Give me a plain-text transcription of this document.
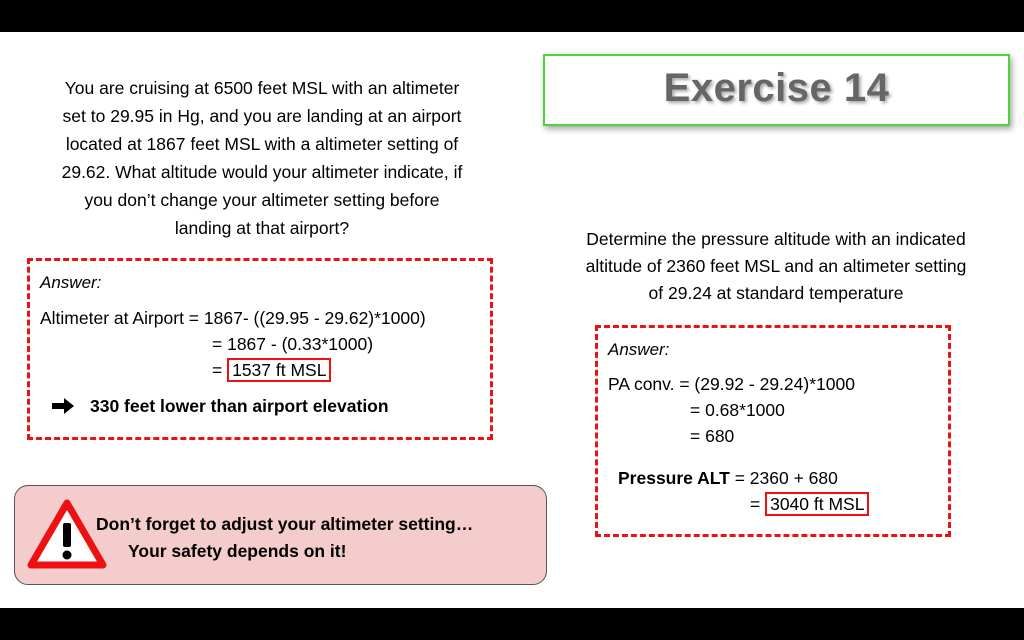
You are cruising at 6500 feet MSL with an altimeter
set to 29.95 in Hg, and you are landing at an airport
located at 1867 feet MSL with a altimeter setting of
29.62. What altitude would your altimeter indicate, if
you don’t change your altimeter setting before
landing at that airport?
Exercise 14
Answer:
Altimeter at Airport = 1867- ((29.95 - 29.62)*1000)
= 1867 - (0.33*1000)
= 1537 ft MSL
330 feet lower than airport elevation
Determine the pressure altitude with an indicated
altitude of 2360 feet MSL and an altimeter setting
of 29.24 at standard temperature
Answer:
PA conv. = (29.92 - 29.24)*1000
= 0.68*1000
= 680
Pressure ALT = 2360 + 680
= 3040 ft MSL
Don’t forget to adjust your altimeter setting…
Your safety depends on it!
